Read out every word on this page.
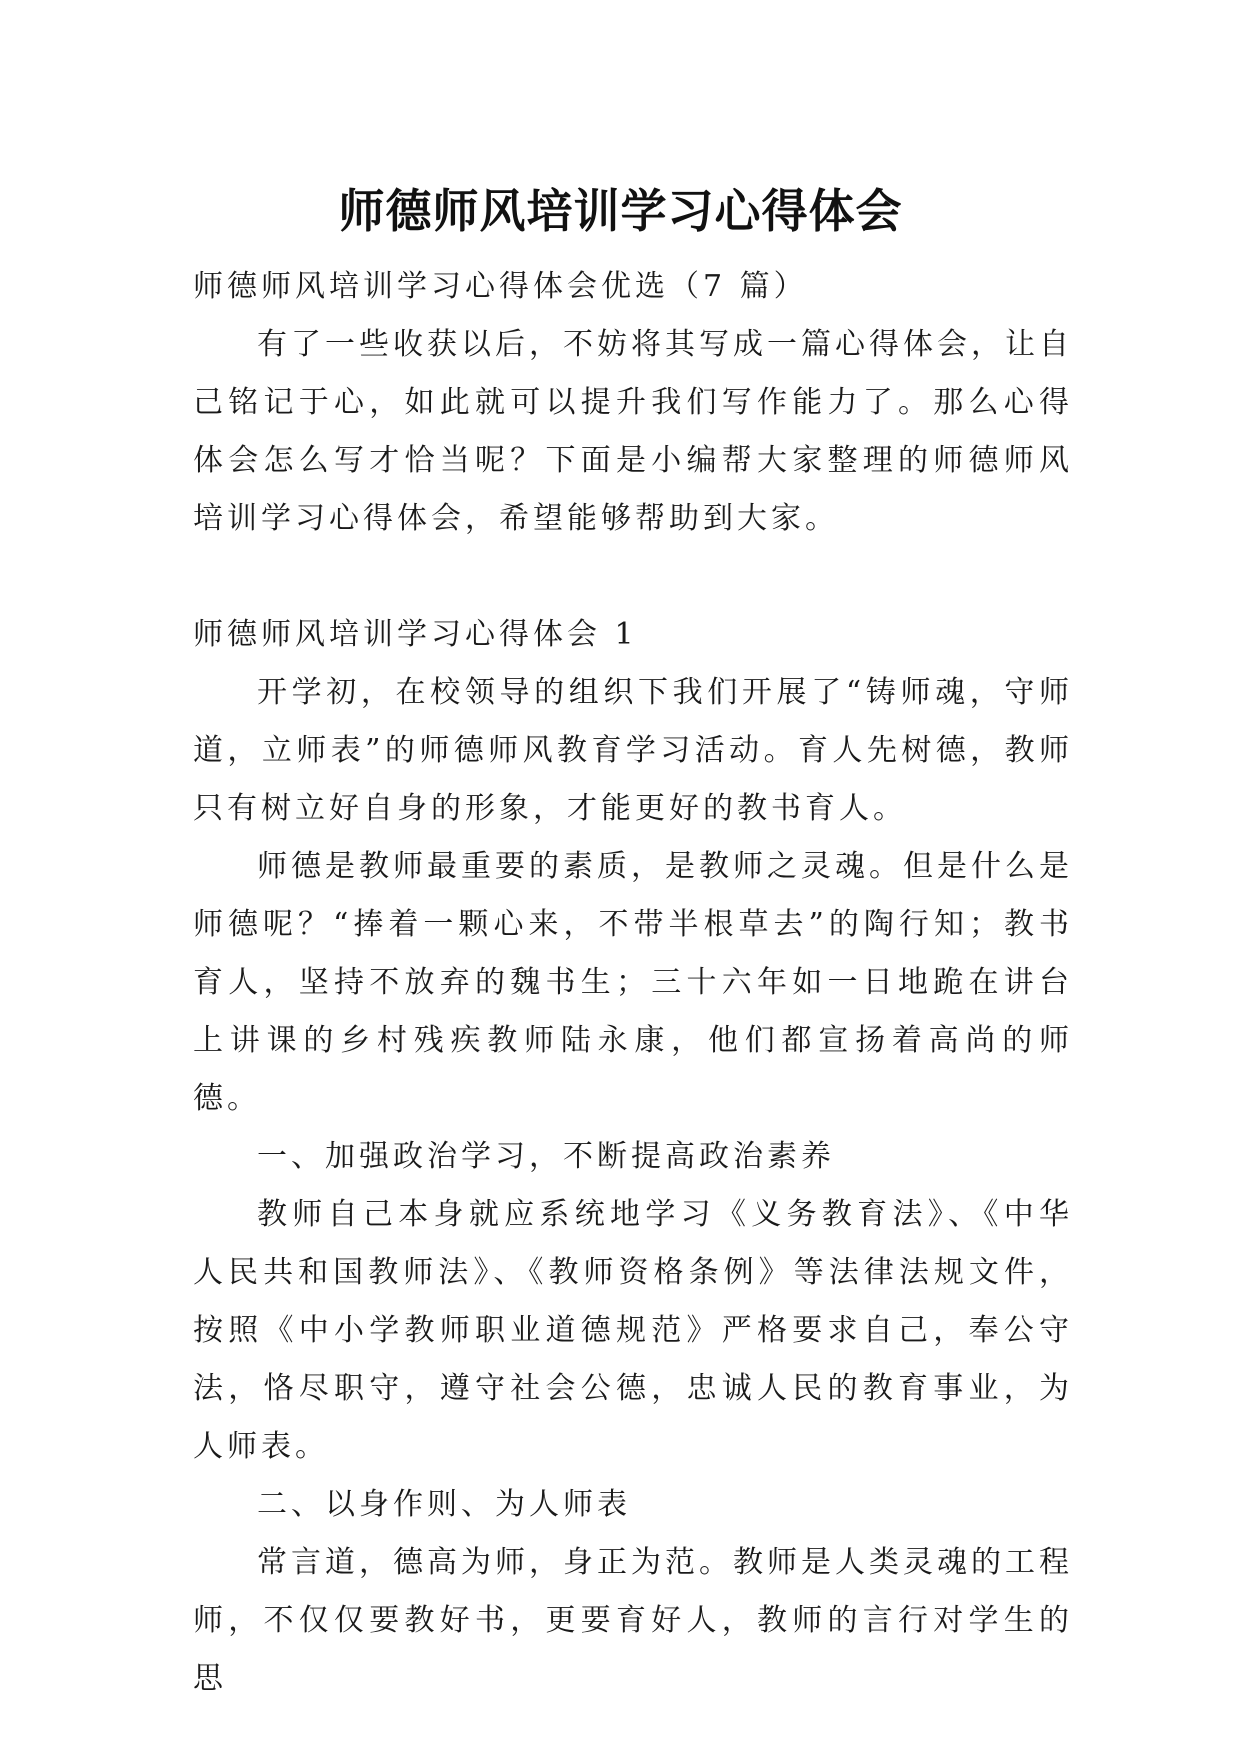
师德师风培训学习心得体会

师德师风培训学习心得体会优选（7 篇）

有了一些收获以后，不妨将其写成一篇心得体会，让自己铭记于心，如此就可以提升我们写作能力了。那么心得体会怎么写才恰当呢？下面是小编帮大家整理的师德师风培训学习心得体会，希望能够帮助到大家。

师德师风培训学习心得体会 1

开学初，在校领导的组织下我们开展了“铸师魂，守师道，立师表”的师德师风教育学习活动。育人先树德，教师只有树立好自身的形象，才能更好的教书育人。

师德是教师最重要的素质，是教师之灵魂。但是什么是师德呢？“捧着一颗心来，不带半根草去”的陶行知；教书育人，坚持不放弃的魏书生；三十六年如一日地跪在讲台上讲课的乡村残疾教师陆永康，他们都宣扬着高尚的师德。

一、加强政治学习，不断提高政治素养

教师自己本身就应系统地学习《义务教育法》、《中华人民共和国教师法》、《教师资格条例》等法律法规文件，按照《中小学教师职业道德规范》严格要求自己，奉公守法，恪尽职守，遵守社会公德，忠诚人民的教育事业，为人师表。

二、以身作则、为人师表

常言道，德高为师，身正为范。教师是人类灵魂的工程师，不仅仅要教好书，更要育好人，教师的言行对学生的思
